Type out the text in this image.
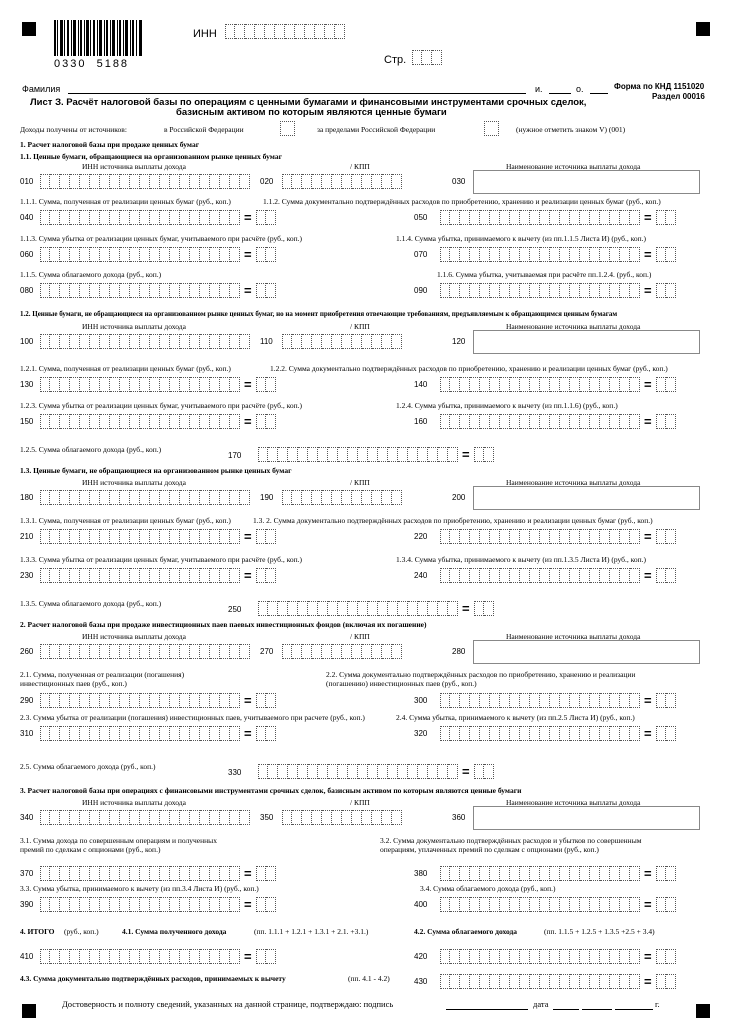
0330  5188
ИНН
Стр.
Фамилия	и.	о.	Форма по КНД 1151020
Раздел 00016
Лист З. Расчёт налоговой базы по операциям с ценными бумагами и финансовыми инструментами срочных сделок,
базисным активом по которым являются ценные бумаги
Доходы получены от источников:	в Российской Федерации	за пределами Российской Федерации	(нужное отметить знаком V) (001)
1. Расчет налоговой базы при продаже ценных бумаг
1.1. Ценные бумаги, обращающиеся на организованном рынке ценных бумаг
ИНН источника выплаты дохода	/ КПП	Наименование источника выплаты дохода
010	020	030
1.1.1. Сумма, полученная от реализации ценных бумаг (руб., коп.)	1.1.2. Сумма документально подтверждённых расходов по приобретению, хранению и реализации ценных бумаг (руб., коп.)
040	=	050	=
1.1.3. Сумма убытка от реализации ценных бумаг, учитываемого при расчёте (руб., коп.)	1.1.4. Сумма убытка, принимаемого к вычету (из пп.1.1.5 Листа И) (руб., коп.)
060	=	070	=
1.1.5. Сумма облагаемого дохода (руб., коп.)	1.1.6. Сумма убытка, учитываемая при расчёте пп.1.2.4. (руб., коп.)
080	=	090	=
1.2. Ценные бумаги, не обращающиеся на организованном рынке ценных бумаг, но на момент приобретения отвечающие требованиям, предъявляемым к обращающимся ценным бумагам
ИНН источника выплаты дохода	/ КПП	Наименование источника выплаты дохода
100	110	120
1.2.1. Сумма, полученная от реализации ценных бумаг (руб., коп.)	1.2.2. Сумма документально подтверждённых расходов по приобретению, хранению и реализации ценных бумаг (руб., коп.)
130	=	140	=
1.2.3. Сумма убытка от реализации ценных бумаг, учитываемого при расчёте (руб., коп.)	1.2.4. Сумма убытка, принимаемого к вычету (из пп.1.1.6) (руб., коп.)
150	=	160	=
1.2.5. Сумма облагаемого дохода (руб., коп.)
170	=
1.3. Ценные бумаги, не обращающиеся на организованном рынке ценных бумаг
ИНН источника выплаты дохода	/ КПП	Наименование источника выплаты дохода
180	190	200
1.3.1. Сумма, полученная от реализации ценных бумаг (руб., коп.)	1.3. 2. Сумма документально подтверждённых расходов по приобретению, хранению и реализации ценных бумаг (руб., коп.)
210	=	220	=
1.3.3. Сумма убытка от реализации ценных бумаг, учитываемого при расчёте (руб., коп.)	1.3.4. Сумма убытка, принимаемого к вычету (из пп.1.3.5 Листа И) (руб., коп.)
230	=	240	=
1.3.5. Сумма облагаемого дохода (руб., коп.)
250	=
2. Расчет налоговой базы при продаже инвестиционных паев паевых инвестиционных фондов (включая их погашение)
ИНН источника выплаты дохода	/ КПП	Наименование источника выплаты дохода
260	270	280
2.1. Сумма, полученная от реализации (погашения)
инвестиционных паев (руб., коп.)
2.2. Сумма документально подтверждённых расходов по приобретению, хранению и реализации
(погашению) инвестиционных паев (руб., коп.)
290	=	300	=
2.3. Сумма убытка от реализации (погашения) инвестиционных паев, учитываемого при расчете (руб., коп.)	2.4. Сумма убытка, принимаемого к вычету (из пп.2.5 Листа И) (руб., коп.)
310	=	320	=
2.5. Сумма облагаемого дохода (руб., коп.)
330	=
3. Расчет налоговой базы при операциях с финансовыми инструментами срочных сделок, базисным активом по которым являются ценные бумаги
ИНН источника выплаты дохода	/ КПП	Наименование источника выплаты дохода
340	350	360
3.1. Сумма дохода по совершенным операциям и полученных
премий по сделкам с опционами (руб., коп.)
3.2. Сумма документально подтверждённых расходов и убытков по совершенным
операциям, уплаченных премий по сделкам с опционами (руб., коп.)
370	=	380	=
3.3. Сумма убытка, принимаемого к вычету (из пп.3.4 Листа И) (руб., коп.)	3.4. Сумма облагаемого дохода (руб., коп.)
390	=	400	=
4. ИТОГО (руб., коп.)	4.1. Сумма полученного дохода	(пп. 1.1.1 + 1.2.1 + 1.3.1 + 2.1. +3.1.)	4.2. Сумма облагаемого дохода	(пп. 1.1.5 + 1.2.5 + 1.3.5 +2.5 + 3.4)
410	=	420	=
4.3. Сумма документально подтверждённых расходов, принимаемых к вычету	(пп. 4.1 - 4.2)	430	=
Достоверность и полноту сведений, указанных на данной странице, подтверждаю: подпись	дата	г.
